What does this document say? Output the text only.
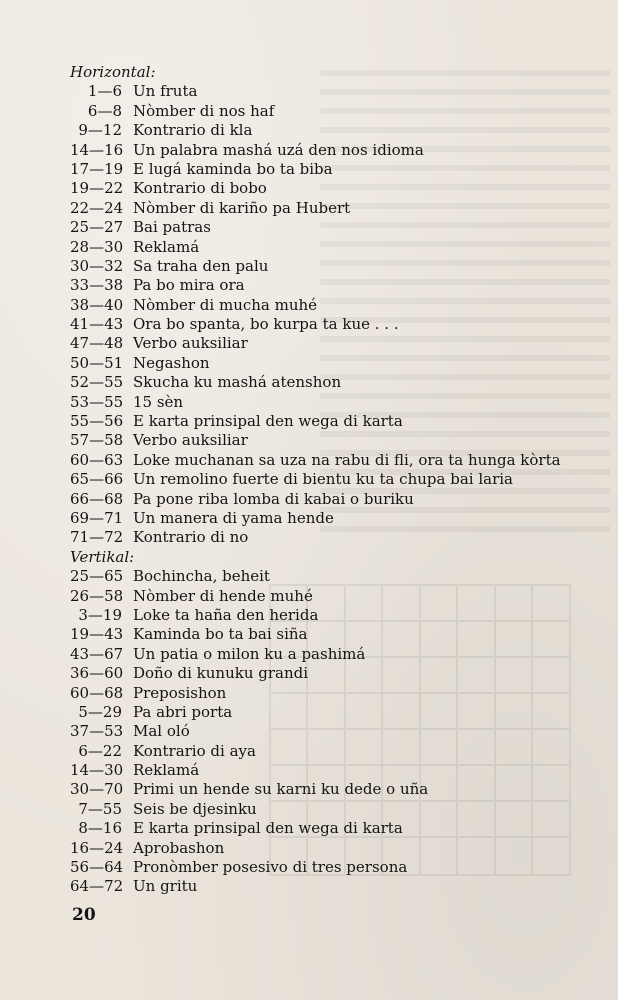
Horizontal:
1—6 Un fruta
6—8 Nòmber di nos haf
9—12 Kontrario di kla
14—16 Un palabra mashá uzá den nos idioma
17—19 E lugá kaminda bo ta biba
19—22 Kontrario di bobo
22—24 Nòmber di kariño pa Hubert
25—27 Bai patras
28—30 Reklamá
30—32 Sa traha den palu
33—38 Pa bo mira ora
38—40 Nòmber di mucha muhé
41—43 Ora bo spanta, bo kurpa ta kue . . .
47—48 Verbo auksiliar
50—51 Negashon
52—55 Skucha ku mashá atenshon
53—55 15 sèn
55—56 E karta prinsipal den wega di karta
57—58 Verbo auksiliar
60—63 Loke muchanan sa uza na rabu di fli, ora ta hunga kòrta
65—66 Un remolino fuerte di bientu ku ta chupa bai laria
66—68 Pa pone riba lomba di kabai o buriku
69—71 Un manera di yama hende
71—72 Kontrario di no
Vertikal:
25—65 Bochincha, beheit
26—58 Nòmber di hende muhé
3—19 Loke ta haña den herida
19—43 Kaminda bo ta bai siña
43—67 Un patia o milon ku a pashimá
36—60 Doño di kunuku grandi
60—68 Preposishon
5—29 Pa abri porta
37—53 Mal oló
6—22 Kontrario di aya
14—30 Reklamá
30—70 Primi un hende su karni ku dede o uña
7—55 Seis be djesinku
8—16 E karta prinsipal den wega di karta
16—24 Aprobashon
56—64 Pronòmber posesivo di tres persona
64—72 Un gritu
20
